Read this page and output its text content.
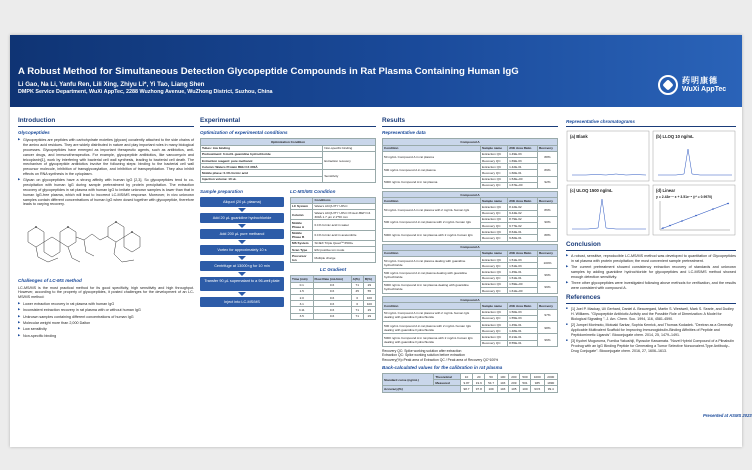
A Robust Method for Simultaneous Detection Glycopeptide Compounds in Rat Plasma Containing Human IgG
Li Gao, Na Li, Yanfu Ren, Lili Xing, Zhiyu Li*, Yi Tao, Liang Shen
DMPK Service Department, WuXi AppTec, 2288 Wuzhong Avenue, WuZhong District, Suzhou, China
药明康德
WuXi AppTec
Introduction
Glycopeptides
▶ Glycopeptides are peptides with carbohydrate moieties (glycan) covalently attached to the side chains of the amino acid residues. They are widely distributed in nature and play important roles in many biological processes. Glycopeptides have emerged as important therapeutic agents, such as antibiotics, anti-cancer drugs, and immunotherapeutics. For example, glycopeptide antibiotics, like vancomycin and teicoplanin[1], work by interfering with bacterial cell wall synthesis, leading to bacterial cell death. The mechanism of glycopeptide antibiotics involve the following steps: binding to the bacterial cell wall precursor molecule, inhibition of transglycosylation, and inhibition of transpeptidation. They also inhibit effects on RNA synthesis in the cytoplasm.
▶ Glycan on glycopeptides have a strong affinity with human IgG [2,3]. So glycopeptides tend to co-precipitation with human IgG during sample pretreatment by protein precipitation. The extraction recovery of glycopeptides in rat plasma with human IgG to imitate unknown samples is lower than that in human IgG-free plasma, which will lead to incorrect LC-MS/MS response. Moreover, in vivo unknown samples contain different concentrations of human IgG when dosed together with glycopeptide, therefore leads to varying recovery.
Challenges of LC-MS method
LC-MS/MS is the most practical method for its good specificity, high sensitivity and high throughput. However, according to the property of glycopeptides, it posted challenges for the development of an LC-MS/MS method:
▶ Lower extraction recovery in rat plasma with human IgG
▶ Inconsistent extraction recovery in rat plasma with or without human IgG
▶ Unknown samples containing different concentrations of human IgG
▶ Molecular weight more than 2,000 Dalton
▶ Low sensitivity
▶ Non-specific binding
Experimental
Optimization of experimental conditions
Optimization Condition	
Tubes: low binding	Non-specific binding
Pretreatment: 6 mol/L guanidine hydrochloride	Extraction recovery
Extraction reagent: pure methanol	
Column: Waters Protein BEH C4 300Å	
Mobile phase: 0.1% formic acid	Sensitivity
Injection volume: 10 uL	
Sample preparation
Aliquot (20 μL plasma)
Add 20 μL guanidine hydrochloride
Add 200 μL pure methanol
Vortex for approximately 10 s
Centrifuge at 13000×g for 10 min
Transfer 90 μL supernatant to a 96-well plate
Inject into LC-MS/MS
LC-MS/MS Condition
	Conditions
LC System	Waters ACQUITY UPLC
Column	Waters ACQUITY UPLC Protein BEH C4 300Å 1.7 μm 2.1*50 mm
Mobile Phase A	0.1% formic acid in water
Mobile Phase B	0.1% formic acid in acetonitrile
MS System	SCIEX Triple Quad™ 6500+
Scan Type	ESI positive ion mode
Precursor Ion	Multiple charge
LC Gradient
Time (min)	Flow Rate (mL/min)	A(%)	B(%)
0.1	0.6	71	29
1.5	0.6	45	55
2.0	0.6	0	100
3.1	0.6	0	100
3.11	0.6	71	29
3.5	0.6	71	29
Results
Representative data
Compound A			
Condition	Sample name	AVE Area Ratio	Recovery
50 ng/mL Compound A in rat plasma	Extraction QC	1.49E-03	88%
	Recovery QC	1.69E-03	
500 ng/mL Compound A in rat plasma	Extraction QC	1.42E-01	89%
	Recovery QC	1.60E-01	
5000 ng/mL Compound A in rat plasma	Extraction QC	1.53E+00	92%
	Recovery QC	1.67E+00	
Compound A			
Condition	Sample name	AVE Area Ratio	Recovery
50 ng/mL Compound A in rat plasma with 2 mg/mL human IgG	Extraction QC	8.12E-02	86%
	Recovery QC	9.44E-02	
500 ng/mL Compound A in rat plasma with 2 mg/mL human IgG	Extraction QC	8.79E-02	90%
	Recovery QC	9.77E-02	
5000 ng/mL Compound A in rat plasma with 2 mg/mL human IgG	Extraction QC	8.64E-01	88%
	Recovery QC	9.82E-01	
Compound A			
Condition	Sample name	AVE Area Ratio	Recovery
50 ng/mL Compound A in rat plasma dealing with guanidine hydrochloride	Extraction QC	1.51E-03	100%
	Recovery QC	1.51E-03	
500 ng/mL Compound A in rat plasma dealing with guanidine hydrochloride	Extraction QC	1.45E-01	96%
	Recovery QC	1.51E-01	
5000 ng/mL Compound A in rat plasma dealing with guanidine hydrochloride	Extraction QC	1.59E+00	99%
	Recovery QC	1.61E+00	
Compound A			
Condition	Sample name	AVE Area Ratio	Recovery
50 ng/mL Compound A in rat plasma with 2 mg/mL human IgG dealing with guanidine hydrochloride	Extraction QC	1.50E-03	97%
	Recovery QC	1.55E-03	
500 ng/mL Compound A in rat plasma with 2 mg/mL human IgG dealing with guanidine hydrochloride	Extraction QC	1.45E-01	98%
	Recovery QC	1.48E-01	
5000 ng/mL Compound A in rat plasma with 2 mg/mL human IgG dealing with guanidine hydrochloride	Extraction QC	8.21E-01	96%
	Recovery QC	8.55E-01	
Recovery QC: Spike working solution after extraction
Extraction QC: Spike working solution before extraction
Recovery(%)=Peak area of Extraction QC / Peak area of Recovery QC*100%
Back-calculated values for the calibration in rat plasma
Standard curve (ng/mL)	Theoretical	10	20	50	100	200	500	1000	2000
	Measured	9.87	19.6	54.7	103	209	501	935	1890
Accuracy(%)		98.7	97.8	109	103	105	100	93.5	99.4
Representative chromatograms
(a) Blank	(b) LLOQ 10 ng/mL
(c) ULOQ 1500 ng/mL	(d) Linear
y = 2.43e⁻⁴ x + 3.51e⁻⁵ (r² = 0.9970)
Conclusion
▶ A robust, sensitive, reproducible LC-MS/MS method was developed to quantitation of Glycopeptides in rat plasma with protein precipitation; the most convenient sample pretreatment.
▶ The current pretreatment showed consistency extraction recovery of standards and unknown samples by adding guanidine hydrochloride for glycopeptides and LC-MS/MS method showed enough detection sensitivity.
▶ Three other glycopeptides were investigated following above methods for verification, and the results were consistent with compound A.
References
■ [1] Joel P. Mackay, Uli Gerhard, Daniel A. Beauregard, Martin S. Westwell, Mark S. Searle, and Dudley H. Williams. "Glycopeptide Antibiotic Activity and the Possible Role of Dimerization: A Model for Biological Signaling ". J. Am. Chem. Soc. 1994, 116, 4581-4590.
■ [2] Jumpei Morimoto, Motoaki Sarkar, Sophia Kenrick, and Thomas Kodadek. "Dextran as a Generally Applicable Multivalent Scaffold for Improving Immunoglobulin-Binding Affinities of Peptide and Peptidomimetic Ligands". Bioconjugate chem. 2014, 25, 1479–1491.
■ [3] Kyohei Muguruma, Fumika Yakushiji, Ryosuke Kawamata. "Novel Hybrid Compound of a Plinabulin Prodrug with an IgG Binding Peptide for Generating a Tumor Selective Noncovalent-Type Antibody–Drug Conjugate". Bioconjugate chem. 2016, 27, 1606–1613.
Presented at ASMS 2023
